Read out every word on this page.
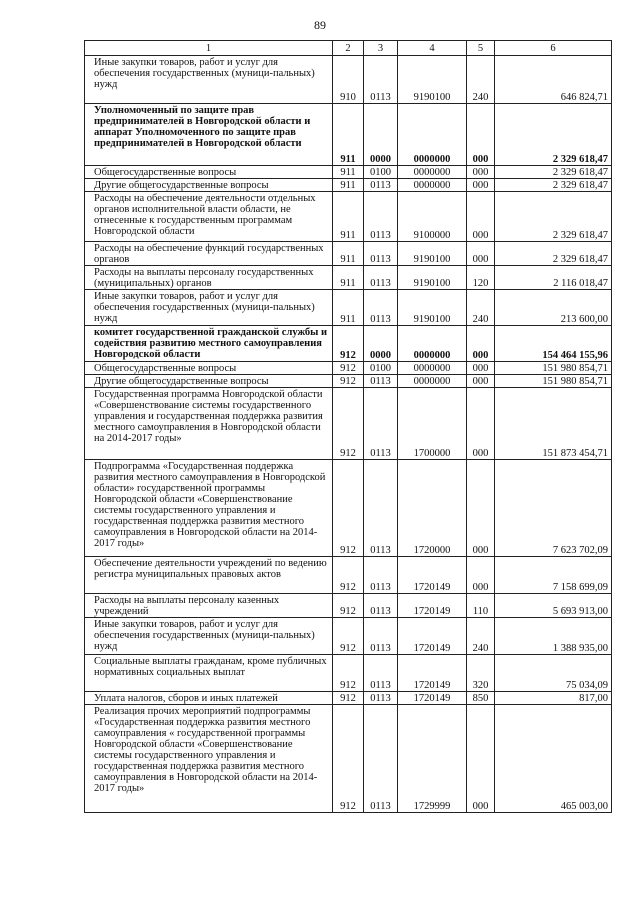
89
1	2	3	4	5	6

Иные закупки товаров, работ и услуг для обеспечения государственных (муници-пальных) нужд	910	0113	9190100	240	646 824,71

Уполномоченный по защите прав предпринимателей в Новгородской области и аппарат Уполномоченного по защите прав предпринимателей в Новгородской области	911	0000	0000000	000	2 329 618,47

Общегосударственные вопросы	911	0100	0000000	000	2 329 618,47

Другие общегосударственные вопросы	911	0113	0000000	000	2 329 618,47

Расходы на обеспечение деятельности отдельных органов исполнительной власти области, не отнесенные к государственным программам Новгородской области	911	0113	9100000	000	2 329 618,47

Расходы на обеспечение функций государственных органов	911	0113	9190100	000	2 329 618,47

Расходы на выплаты персоналу государственных (муниципальных) органов	911	0113	9190100	120	2 116 018,47

Иные закупки товаров, работ и услуг для обеспечения государственных (муници-пальных) нужд	911	0113	9190100	240	213 600,00

комитет государственной гражданской службы и содействия развитию местного самоуправления Новгородской области	912	0000	0000000	000	154 464 155,96

Общегосударственные вопросы	912	0100	0000000	000	151 980 854,71

Другие общегосударственные вопросы	912	0113	0000000	000	151 980 854,71

Государственная программа Новгородской области «Совершенствование системы государственного управления и государственная поддержка развития местного самоуправления в Новгородской области на 2014-2017 годы»	912	0113	1700000	000	151 873 454,71

Подпрограмма «Государственная поддержка развития местного самоуправления в Новгородской области» государственной программы Новгородской области «Совершенствование системы государственного управления и государственная поддержка развития местного самоуправления в Новгородской области на 2014-2017 годы»	912	0113	1720000	000	7 623 702,09

Обеспечение деятельности учреждений по ведению регистра муниципальных правовых актов	912	0113	1720149	000	7 158 699,09

Расходы на выплаты персоналу казенных учреждений	912	0113	1720149	110	5 693 913,00

Иные закупки товаров, работ и услуг для обеспечения государственных (муници-пальных) нужд	912	0113	1720149	240	1 388 935,00

Социальные выплаты гражданам, кроме публичных нормативных социальных выплат	912	0113	1720149	320	75 034,09

Уплата налогов, сборов и иных платежей	912	0113	1720149	850	817,00

Реализация прочих мероприятий подпрограммы «Государственная поддержка развития местного самоуправления « государственной программы Новгородской области «Совершенствование системы государственного управления и государственная поддержка развития местного самоуправления в Новгородской области на 2014-2017 годы»	912	0113	1729999	000	465 003,00
